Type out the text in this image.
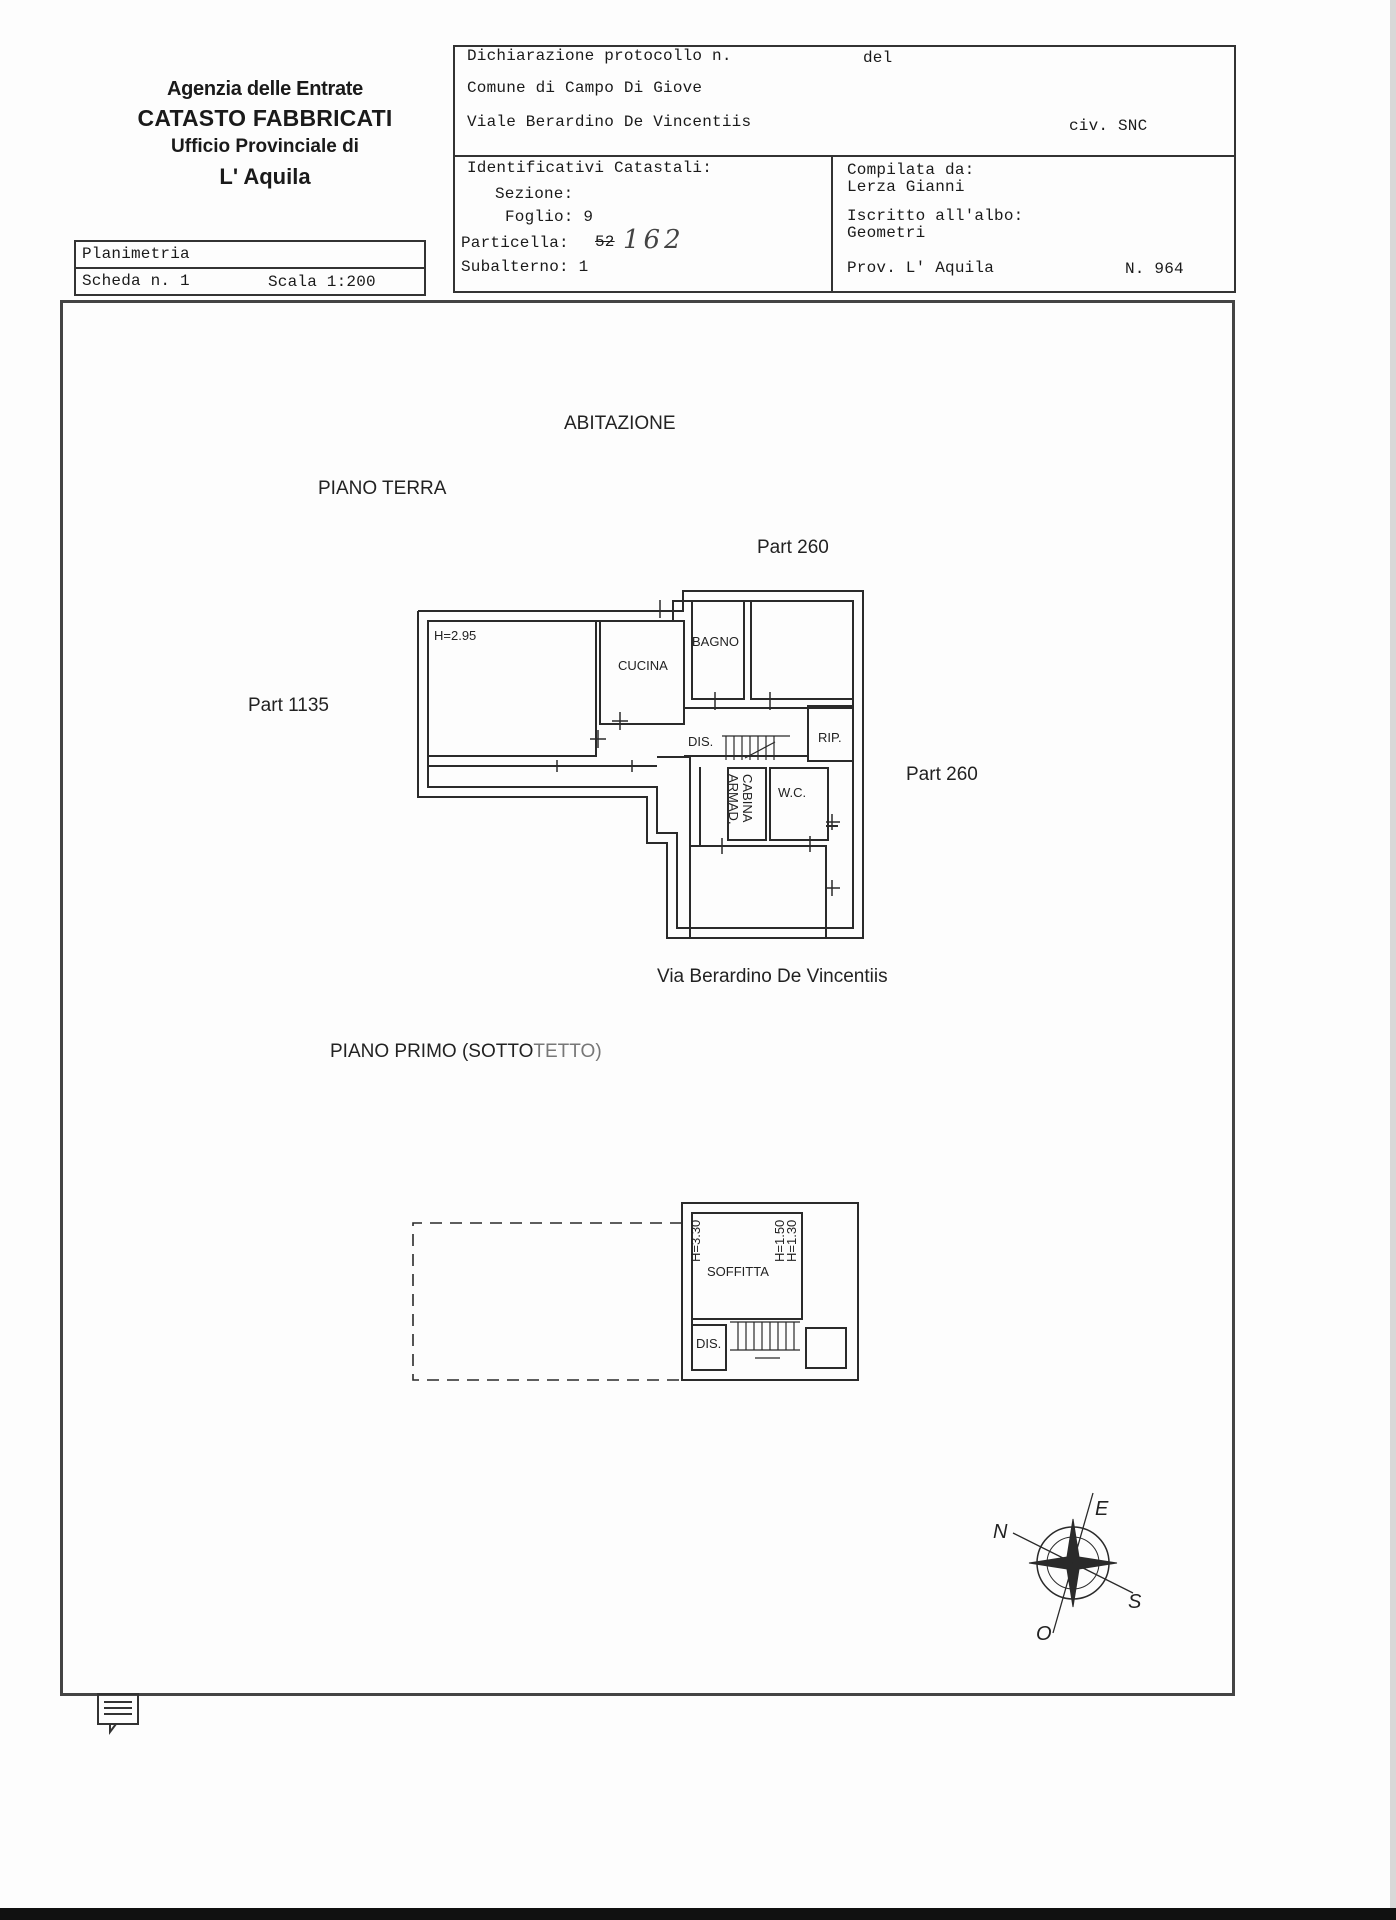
Agenzia delle Entrate
CATASTO FABBRICATI
Ufficio Provinciale di
L' Aquila
Planimetria
Scheda n. 1	Scala 1:200
Dichiarazione protocollo n.	del
Comune di Campo Di Giove
Viale Berardino De Vincentiis	civ. SNC
Identificativi Catastali:
Sezione:
Foglio: 9
Particella: 52 162
Subalterno: 1
Compilata da:
Lerza Gianni
Iscritto all'albo:
Geometri
Prov. L' Aquila	N. 964
ABITAZIONE
PIANO TERRA
PIANO PRIMO (SOTTOTETTO)
Via Berardino De Vincentiis
Part 260
Part 260
Part 1135
H=2.95
CUCINA
BAGNO
DIS.	RIP.
CABINA
ARMAD.	W.C.
SOFFITTA
DIS.
H=3.30	H=1.50
H=1.30
N
E
S
O
